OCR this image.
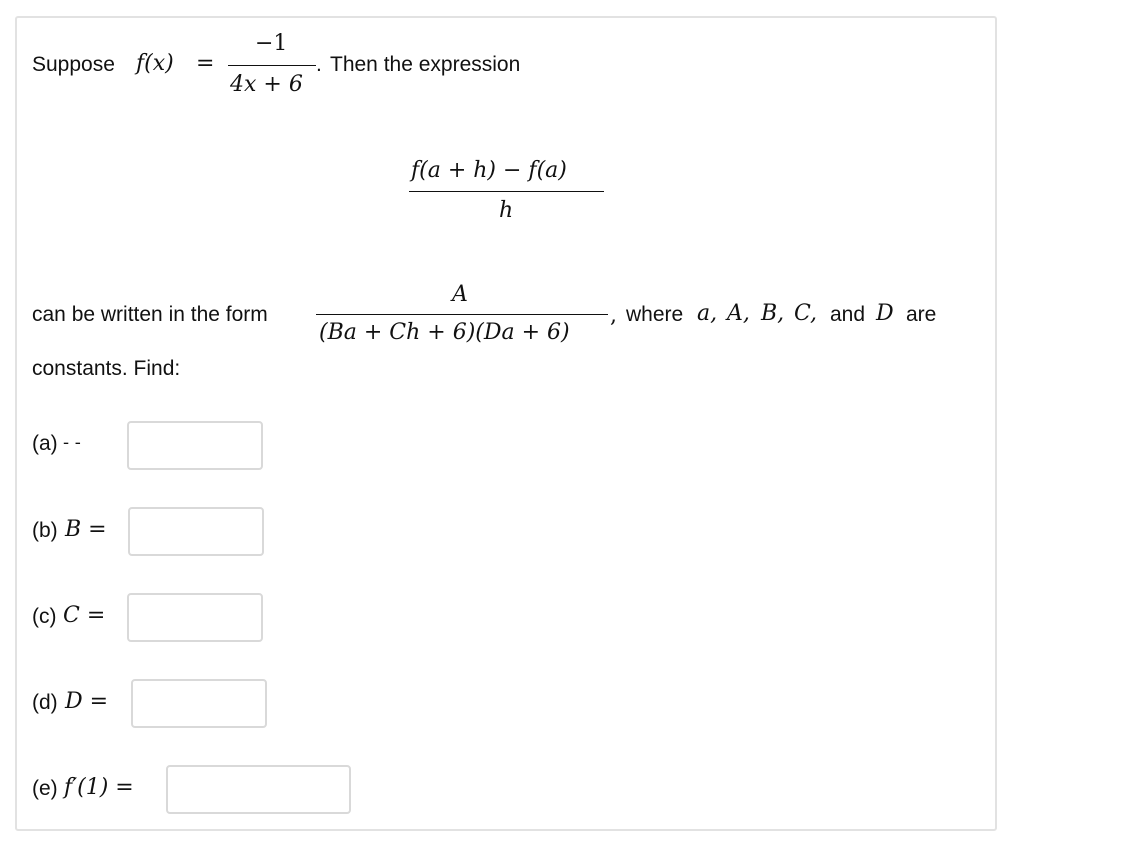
Suppose f(x) =
−1
4x + 6
. Then the expression
f(a + h) − f(a)
h
can be written in the form
A
(Ba + Ch + 6)(Da + 6)
, where a, A, B, C, and D are
constants. Find:
(a) - -
(b) B =
(c) C =
(d) D =
(e) f′(1) =
